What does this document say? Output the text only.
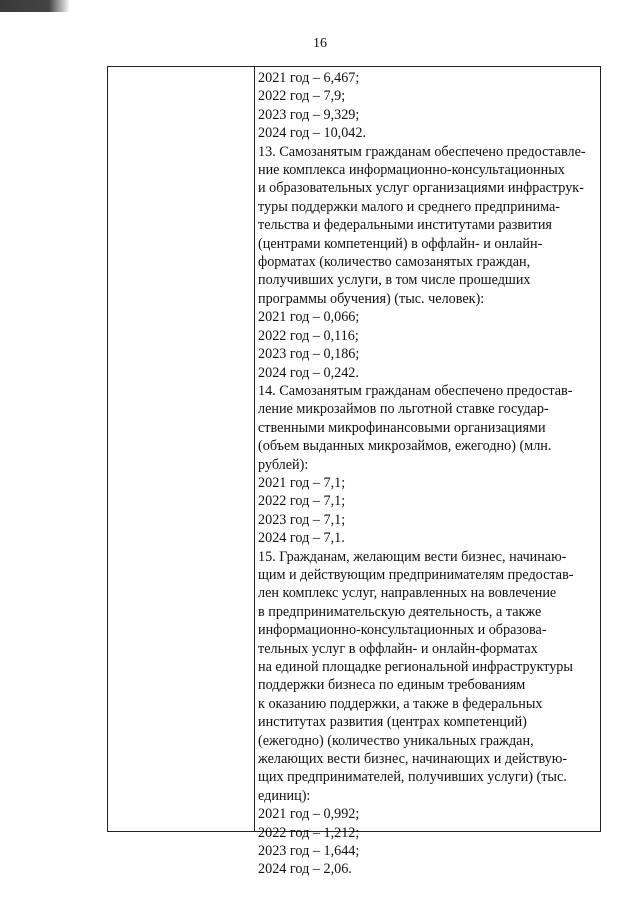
16
2021 год – 6,467;
2022 год – 7,9;
2023 год – 9,329;
2024 год – 10,042.
13. Самозанятым гражданам обеспечено предоставле-
ние комплекса информационно-консультационных
и образовательных услуг организациями инфраструк-
туры поддержки малого и среднего предпринима-
тельства и федеральными институтами развития
(центрами компетенций) в оффлайн- и онлайн-
форматах (количество самозанятых граждан,
получивших услуги, в том числе прошедших
программы обучения) (тыс. человек):
2021 год – 0,066;
2022 год – 0,116;
2023 год – 0,186;
2024 год – 0,242.
14. Самозанятым гражданам обеспечено предостав-
ление микрозаймов по льготной ставке государ-
ственными микрофинансовыми организациями
(объем выданных микрозаймов, ежегодно) (млн.
рублей):
2021 год – 7,1;
2022 год – 7,1;
2023 год – 7,1;
2024 год – 7,1.
15. Гражданам, желающим вести бизнес, начинаю-
щим и действующим предпринимателям предостав-
лен комплекс услуг, направленных на вовлечение
в предпринимательскую деятельность, а также
информационно-консультационных и образова-
тельных услуг в оффлайн- и онлайн-форматах
на единой площадке региональной инфраструктуры
поддержки бизнеса по единым требованиям
к оказанию поддержки, а также в федеральных
институтах развития (центрах компетенций)
(ежегодно) (количество уникальных граждан,
желающих вести бизнес, начинающих и действую-
щих предпринимателей, получивших услуги) (тыс.
единиц):
2021 год – 0,992;
2022 год – 1,212;
2023 год – 1,644;
2024 год – 2,06.
